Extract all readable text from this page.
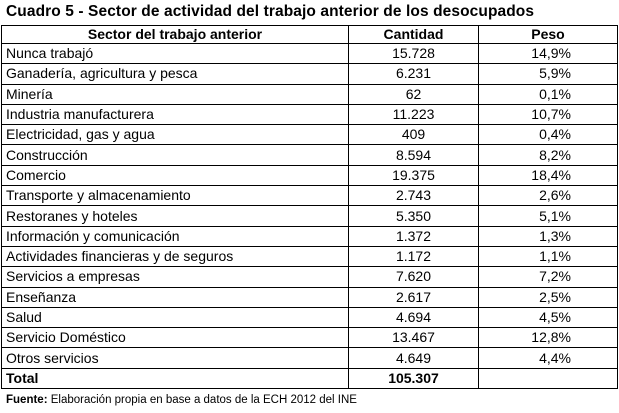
Cuadro 5 - Sector de actividad del trabajo anterior de los desocupados
Sector del trabajo anterior	Cantidad	Peso
Nunca trabajó	15.728	14,9%
Ganadería, agricultura y pesca	6.231	5,9%
Minería	62	0,1%
Industria manufacturera	11.223	10,7%
Electricidad, gas y agua	409	0,4%
Construcción	8.594	8,2%
Comercio	19.375	18,4%
Transporte y almacenamiento	2.743	2,6%
Restoranes y hoteles	5.350	5,1%
Información y comunicación	1.372	1,3%
Actividades financieras y de seguros	1.172	1,1%
Servicios a empresas	7.620	7,2%
Enseñanza	2.617	2,5%
Salud	4.694	4,5%
Servicio Doméstico	13.467	12,8%
Otros servicios	4.649	4,4%
Total	105.307	
Fuente: Elaboración propia en base a datos de la ECH 2012 del INE
